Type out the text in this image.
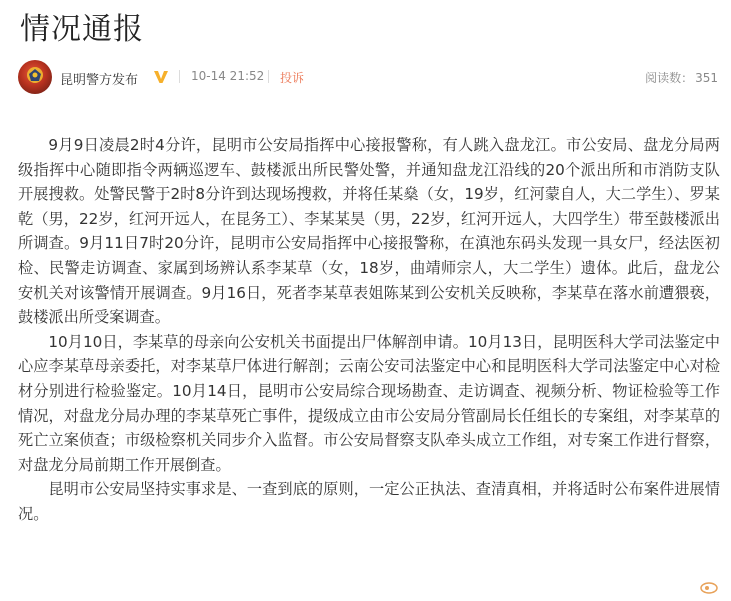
情况通报
昆明警方发布	10-14 21:52 投诉	阅读数： 351

9月9日凌晨2时4分许，昆明市公安局指挥中心接报警称，有人跳入盘龙江。市公安局、盘龙分局两级指挥中心随即指令两辆巡逻车、鼓楼派出所民警处警，并通知盘龙江沿线的20个派出所和市消防支队开展搜救。处警民警于2时8分许到达现场搜救，并将任某燊（女，19岁，红河蒙自人，大二学生）、罗某乾（男，22岁，红河开远人，在昆务工）、李某某昊（男，22岁，红河开远人，大四学生）带至鼓楼派出所调查。9月11日7时20分许，昆明市公安局指挥中心接报警称，在滇池东码头发现一具女尸，经法医初检、民警走访调查、家属到场辨认系李某草（女，18岁，曲靖师宗人，大二学生）遗体。此后，盘龙公安机关对该警情开展调查。9月16日，死者李某草表姐陈某到公安机关反映称，李某草在落水前遭猥亵，鼓楼派出所受案调查。

10月10日，李某草的母亲向公安机关书面提出尸体解剖申请。10月13日，昆明医科大学司法鉴定中心应李某草母亲委托，对李某草尸体进行解剖；云南公安司法鉴定中心和昆明医科大学司法鉴定中心对检材分别进行检验鉴定。10月14日，昆明市公安局综合现场勘查、走访调查、视频分析、物证检验等工作情况，对盘龙分局办理的李某草死亡事件，提级成立由市公安局分管副局长任组长的专案组，对李某草的死亡立案侦查；市级检察机关同步介入监督。市公安局督察支队牵头成立工作组，对专案工作进行督察，对盘龙分局前期工作开展倒查。

昆明市公安局坚持实事求是、一查到底的原则，一定公正执法、查清真相，并将适时公布案件进展情况。
